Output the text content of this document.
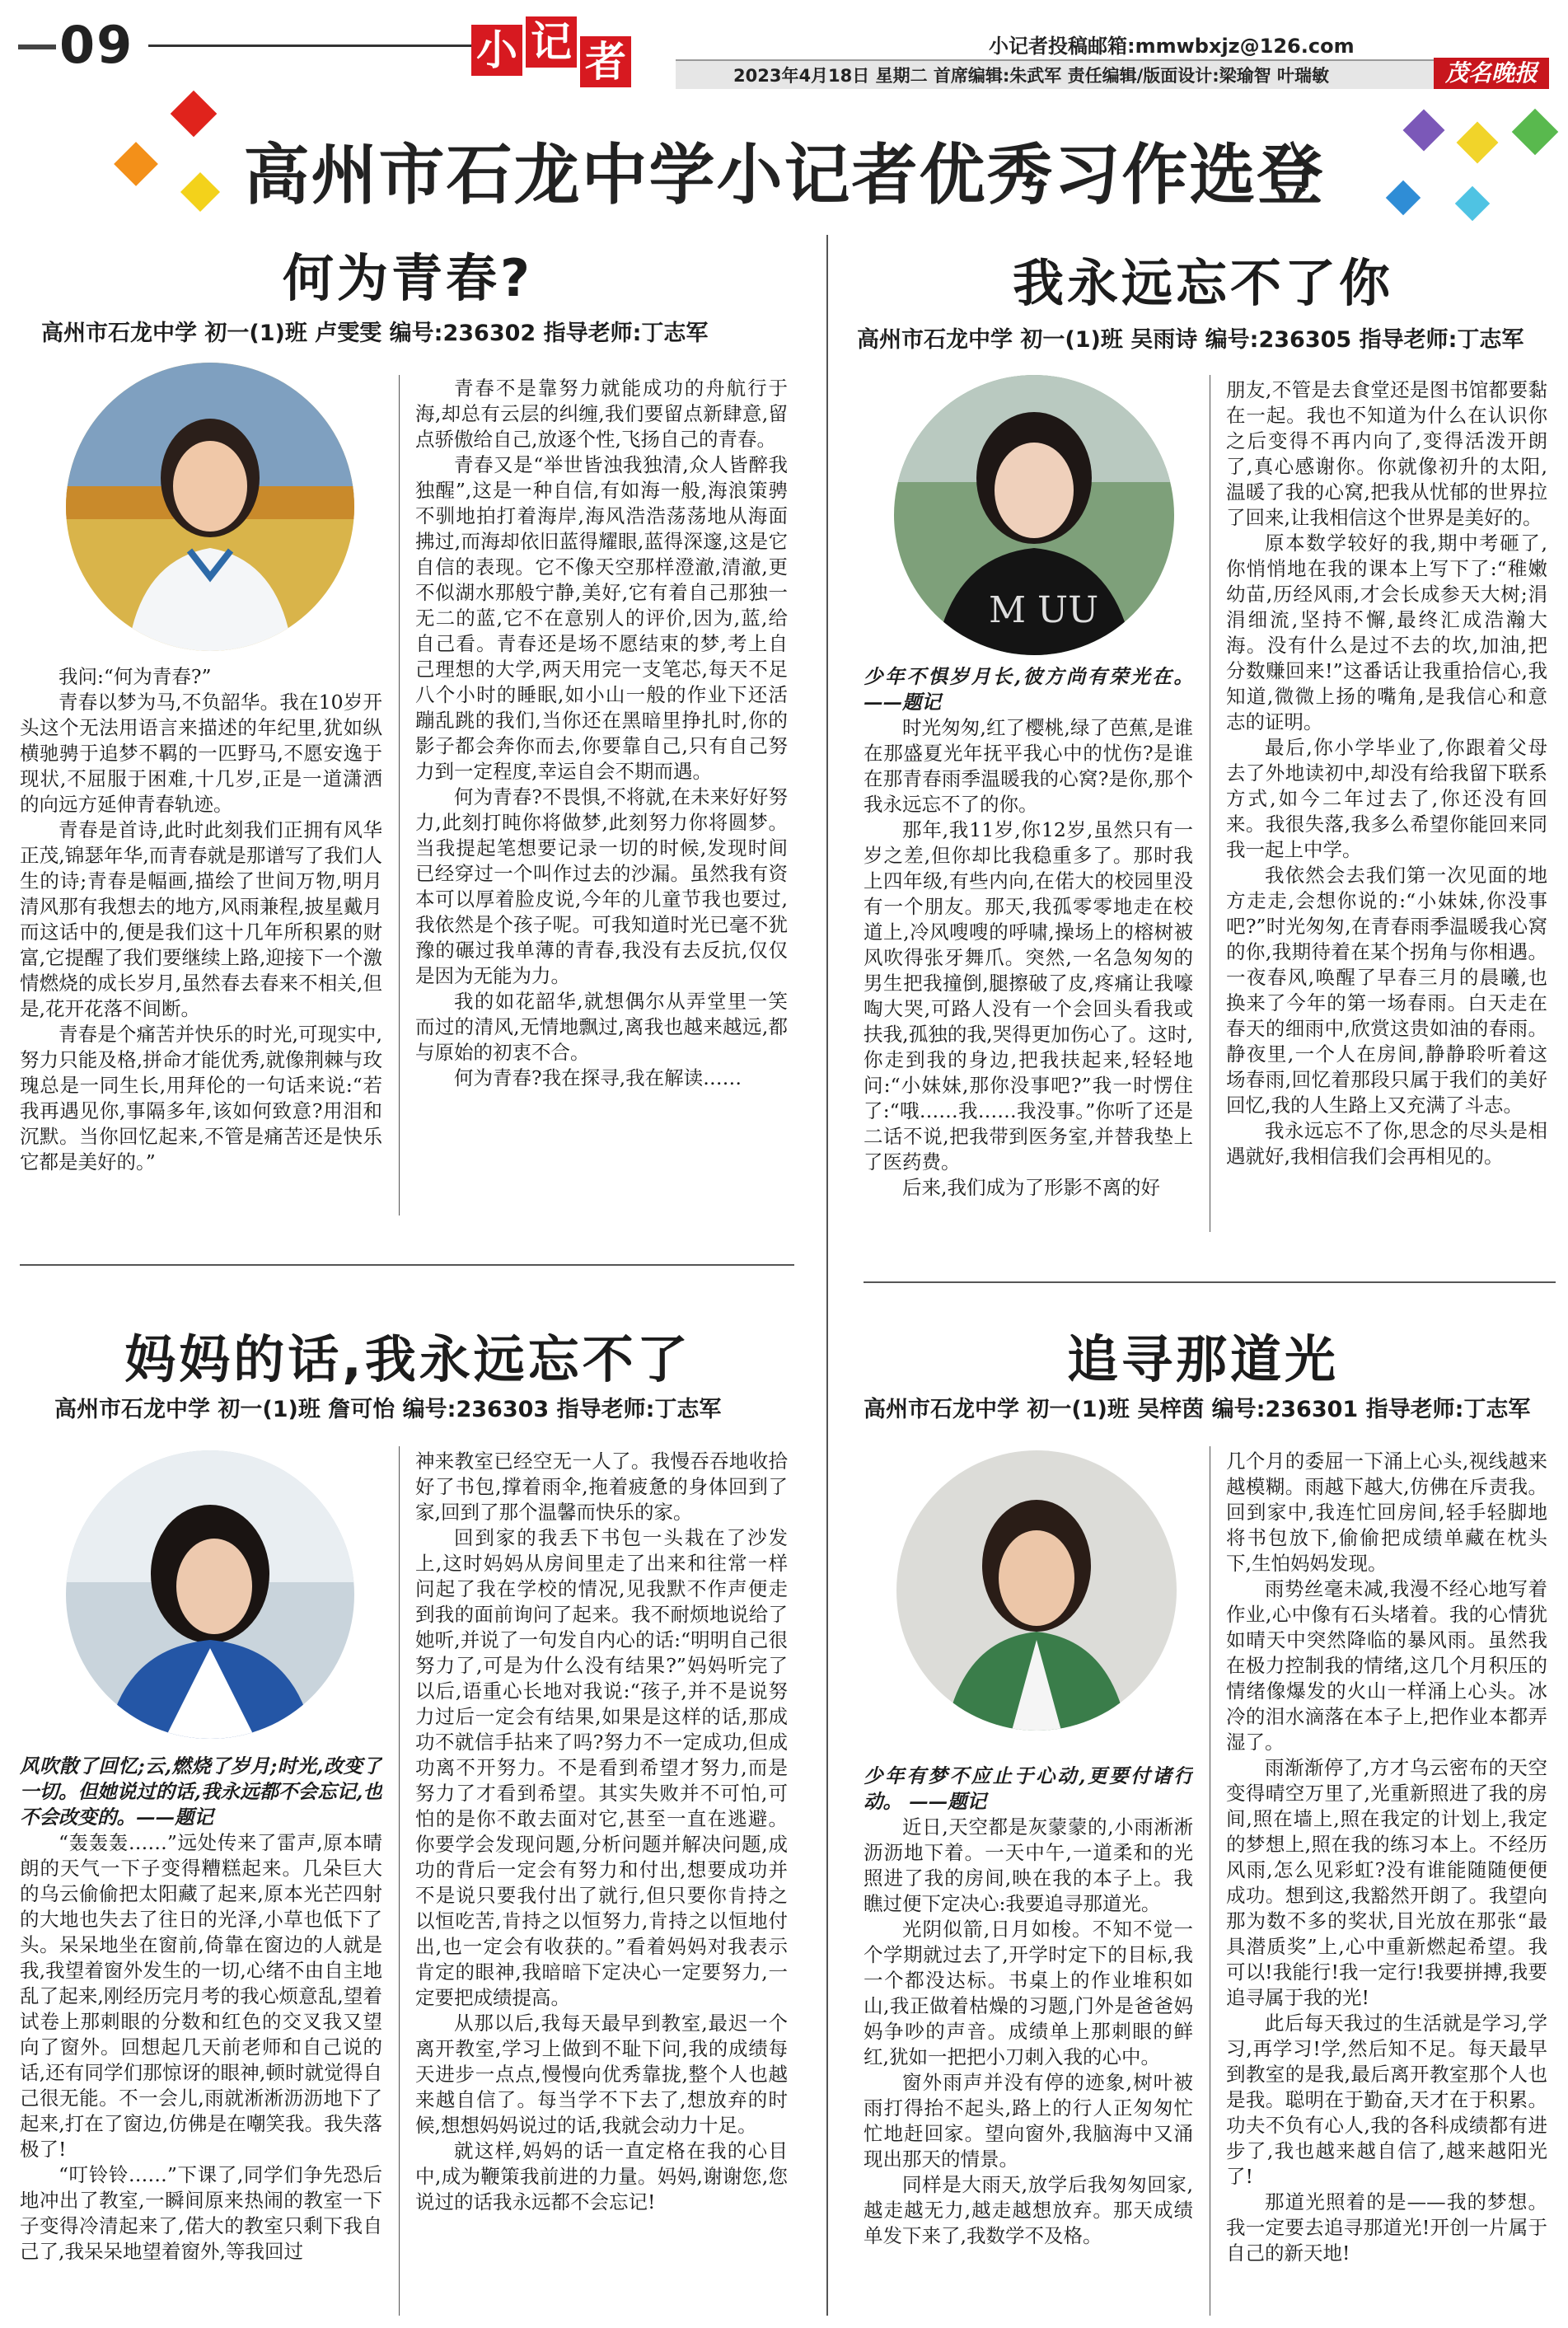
09	小 记 者	小记者投稿邮箱:mmwbxjz@126.com
2023年4月18日 星期二 首席编辑:朱武军 责任编辑/版面设计:梁瑜智 叶瑞敏	茂名晚报
高州市石龙中学小记者优秀习作选登
何为青春?
高州市石龙中学 初一(1)班 卢雯雯 编号:236302 指导老师:丁志军

我问:“何为青春?”

青春以梦为马,不负韶华。我在10岁开头这个无法用语言来描述的年纪里,犹如纵横驰骋于追梦不羁的一匹野马,不愿安逸于现状,不屈服于困难,十几岁,正是一道潇洒的向远方延伸青春轨迹。

青春是首诗,此时此刻我们正拥有风华正茂,锦瑟年华,而青春就是那谱写了我们人生的诗;青春是幅画,描绘了世间万物,明月清风那有我想去的地方,风雨兼程,披星戴月而这话中的,便是我们这十几年所积累的财富,它提醒了我们要继续上路,迎接下一个激情燃烧的成长岁月,虽然春去春来不相关,但是,花开花落不间断。

青春是个痛苦并快乐的时光,可现实中,努力只能及格,拼命才能优秀,就像荆棘与玫瑰总是一同生长,用拜伦的一句话来说:“若我再遇见你,事隔多年,该如何致意?用泪和沉默。当你回忆起来,不管是痛苦还是快乐它都是美好的。”

青春不是靠努力就能成功的舟航行于海,却总有云层的纠缠,我们要留点新肆意,留点骄傲给自己,放逐个性,飞扬自己的青春。

青春又是“举世皆浊我独清,众人皆醉我独醒”,这是一种自信,有如海一般,海浪策骋不驯地拍打着海岸,海风浩浩荡荡地从海面拂过,而海却依旧蓝得耀眼,蓝得深邃,这是它自信的表现。它不像天空那样澄澈,清澈,更不似湖水那般宁静,美好,它有着自己那独一无二的蓝,它不在意别人的评价,因为,蓝,给自己看。青春还是场不愿结束的梦,考上自己理想的大学,两天用完一支笔芯,每天不足八个小时的睡眠,如小山一般的作业下还活蹦乱跳的我们,当你还在黑暗里挣扎时,你的影子都会奔你而去,你要靠自己,只有自己努力到一定程度,幸运自会不期而遇。

何为青春?不畏惧,不将就,在未来好好努力,此刻打盹你将做梦,此刻努力你将圆梦。当我提起笔想要记录一切的时候,发现时间已经穿过一个叫作过去的沙漏。虽然我有资本可以厚着脸皮说,今年的儿童节我也要过,我依然是个孩子呢。可我知道时光已毫不犹豫的碾过我单薄的青春,我没有去反抗,仅仅是因为无能为力。

我的如花韶华,就想偶尔从弄堂里一笑而过的清风,无情地飘过,离我也越来越远,都与原始的初衷不合。

何为青春?我在探寻,我在解读……

我永远忘不了你
高州市石龙中学 初一(1)班 吴雨诗 编号:236305 指导老师:丁志军
M UU

少年不惧岁月长,彼方尚有荣光在。 ——题记

时光匆匆,红了樱桃,绿了芭蕉,是谁在那盛夏光年抚平我心中的忧伤?是谁在那青春雨季温暖我的心窝?是你,那个我永远忘不了的你。

那年,我11岁,你12岁,虽然只有一岁之差,但你却比我稳重多了。那时我上四年级,有些内向,在偌大的校园里没有一个朋友。那天,我孤零零地走在校道上,冷风嗖嗖的呼啸,操场上的榕树被风吹得张牙舞爪。突然,一名急匆匆的男生把我撞倒,腿擦破了皮,疼痛让我嚎啕大哭,可路人没有一个会回头看我或扶我,孤独的我,哭得更加伤心了。这时,你走到我的身边,把我扶起来,轻轻地问:“小妹妹,那你没事吧?”我一时愣住了:“哦……我……我没事。”你听了还是二话不说,把我带到医务室,并替我垫上了医药费。

后来,我们成为了形影不离的好

朋友,不管是去食堂还是图书馆都要黏在一起。我也不知道为什么在认识你之后变得不再内向了,变得活泼开朗了,真心感谢你。你就像初升的太阳,温暖了我的心窝,把我从忧郁的世界拉了回来,让我相信这个世界是美好的。

原本数学较好的我,期中考砸了,你悄悄地在我的课本上写下了:“稚嫩幼苗,历经风雨,才会长成参天大树;涓涓细流,坚持不懈,最终汇成浩瀚大海。没有什么是过不去的坎,加油,把分数赚回来!”这番话让我重拾信心,我知道,微微上扬的嘴角,是我信心和意志的证明。

最后,你小学毕业了,你跟着父母去了外地读初中,却没有给我留下联系方式,如今二年过去了,你还没有回来。我很失落,我多么希望你能回来同我一起上中学。

我依然会去我们第一次见面的地方走走,会想你说的:“小妹妹,你没事吧?”时光匆匆,在青春雨季温暖我心窝的你,我期待着在某个拐角与你相遇。一夜春风,唤醒了早春三月的晨曦,也换来了今年的第一场春雨。白天走在春天的细雨中,欣赏这贵如油的春雨。静夜里,一个人在房间,静静聆听着这场春雨,回忆着那段只属于我们的美好回忆,我的人生路上又充满了斗志。

我永远忘不了你,思念的尽头是相遇就好,我相信我们会再相见的。

妈妈的话,我永远忘不了
高州市石龙中学 初一(1)班 詹可怡 编号:236303 指导老师:丁志军

风吹散了回忆;云,燃烧了岁月;时光,改变了一切。但她说过的话,我永远都不会忘记,也不会改变的。——题记

“轰轰轰……”远处传来了雷声,原本晴朗的天气一下子变得糟糕起来。几朵巨大的乌云偷偷把太阳藏了起来,原本光芒四射的大地也失去了往日的光泽,小草也低下了头。呆呆地坐在窗前,倚靠在窗边的人就是我,我望着窗外发生的一切,心绪不由自主地乱了起来,刚经历完月考的我心烦意乱,望着试卷上那刺眼的分数和红色的交叉我又望向了窗外。回想起几天前老师和自己说的话,还有同学们那惊讶的眼神,顿时就觉得自己很无能。不一会儿,雨就淅淅沥沥地下了起来,打在了窗边,仿佛是在嘲笑我。我失落极了!

“叮铃铃……”下课了,同学们争先恐后地冲出了教室,一瞬间原来热闹的教室一下子变得冷清起来了,偌大的教室只剩下我自己了,我呆呆地望着窗外,等我回过

神来教室已经空无一人了。我慢吞吞地收拾好了书包,撑着雨伞,拖着疲惫的身体回到了家,回到了那个温馨而快乐的家。

回到家的我丢下书包一头栽在了沙发上,这时妈妈从房间里走了出来和往常一样问起了我在学校的情况,见我默不作声便走到我的面前询问了起来。我不耐烦地说给了她听,并说了一句发自内心的话:“明明自己很努力了,可是为什么没有结果?”妈妈听完了以后,语重心长地对我说:“孩子,并不是说努力过后一定会有结果,如果是这样的话,那成功不就信手拈来了吗?努力不一定成功,但成功离不开努力。不是看到希望才努力,而是努力了才看到希望。其实失败并不可怕,可怕的是你不敢去面对它,甚至一直在逃避。你要学会发现问题,分析问题并解决问题,成功的背后一定会有努力和付出,想要成功并不是说只要我付出了就行,但只要你肯持之以恒吃苦,肯持之以恒努力,肯持之以恒地付出,也一定会有收获的。”看着妈妈对我表示肯定的眼神,我暗暗下定决心一定要努力,一定要把成绩提高。

从那以后,我每天最早到教室,最迟一个离开教室,学习上做到不耻下问,我的成绩每天进步一点点,慢慢向优秀靠拢,整个人也越来越自信了。每当学不下去了,想放弃的时候,想想妈妈说过的话,我就会动力十足。

就这样,妈妈的话一直定格在我的心目中,成为鞭策我前进的力量。妈妈,谢谢您,您说过的话我永远都不会忘记!

追寻那道光
高州市石龙中学 初一(1)班 吴梓茵 编号:236301 指导老师:丁志军

少年有梦不应止于心动,更要付诸行动。 ——题记

近日,天空都是灰蒙蒙的,小雨淅淅沥沥地下着。一天中午,一道柔和的光照进了我的房间,映在我的本子上。我瞧过便下定决心:我要追寻那道光。

光阴似箭,日月如梭。不知不觉一个学期就过去了,开学时定下的目标,我一个都没达标。书桌上的作业堆积如山,我正做着枯燥的习题,门外是爸爸妈妈争吵的声音。成绩单上那刺眼的鲜红,犹如一把把小刀刺入我的心中。

窗外雨声并没有停的迹象,树叶被雨打得抬不起头,路上的行人正匆匆忙忙地赶回家。望向窗外,我脑海中又涌现出那天的情景。

同样是大雨天,放学后我匆匆回家,越走越无力,越走越想放弃。那天成绩单发下来了,我数学不及格。

几个月的委屈一下涌上心头,视线越来越模糊。雨越下越大,仿佛在斥责我。回到家中,我连忙回房间,轻手轻脚地将书包放下,偷偷把成绩单藏在枕头下,生怕妈妈发现。

雨势丝毫未减,我漫不经心地写着作业,心中像有石头堵着。我的心情犹如晴天中突然降临的暴风雨。虽然我在极力控制我的情绪,这几个月积压的情绪像爆发的火山一样涌上心头。冰冷的泪水滴落在本子上,把作业本都弄湿了。

雨渐渐停了,方才乌云密布的天空变得晴空万里了,光重新照进了我的房间,照在墙上,照在我定的计划上,我定的梦想上,照在我的练习本上。不经历风雨,怎么见彩虹?没有谁能随随便便成功。想到这,我豁然开朗了。我望向那为数不多的奖状,目光放在那张“最具潜质奖”上,心中重新燃起希望。我可以!我能行!我一定行!我要拼搏,我要追寻属于我的光!

此后每天我过的生活就是学习,学习,再学习!学,然后知不足。每天最早到教室的是我,最后离开教室那个人也是我。聪明在于勤奋,天才在于积累。功夫不负有心人,我的各科成绩都有进步了,我也越来越自信了,越来越阳光了!

那道光照着的是——我的梦想。我一定要去追寻那道光!开创一片属于自己的新天地!
